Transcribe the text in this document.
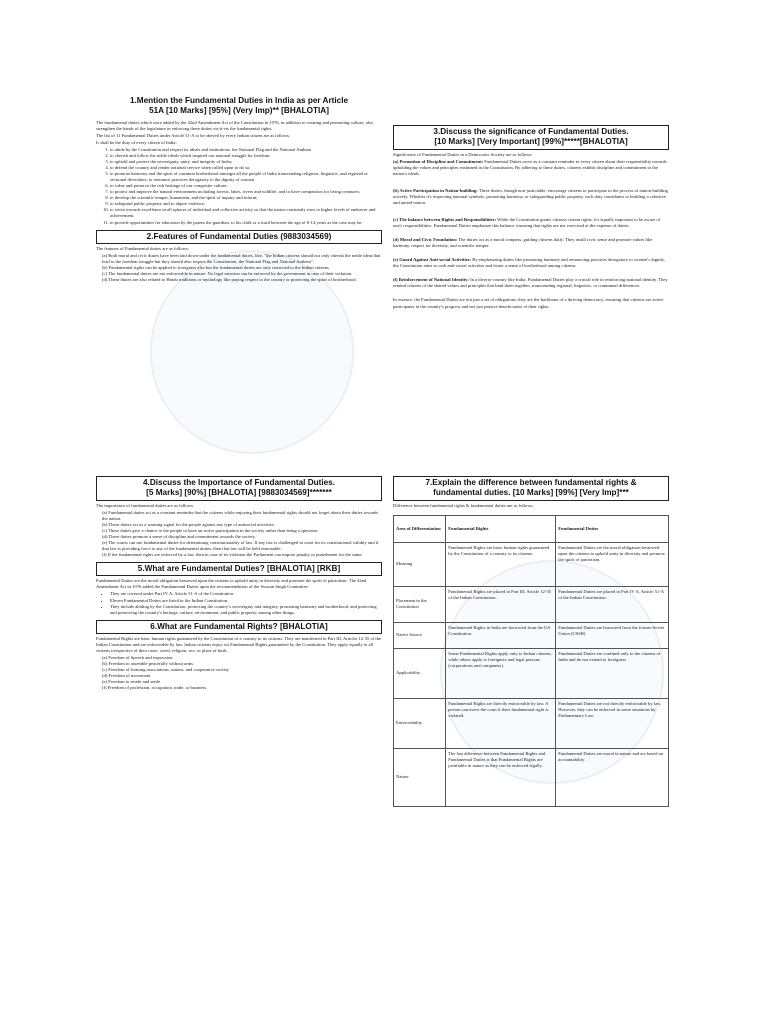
1.Mention the Fundamental Duties in India as per Article
51A [10 Marks] [95%] (Very Imp)** [BHALOTIA]

The fundamental duties which were added by the 42nd Amendment Act of the Constitution in 1976, in addition to creating and promoting culture, also strengthen the hands of the legislature in enforcing these duties vis-à-vis the fundamental rights.

The list of 11 Fundamental Duties under Article 51-A to be obeyed by every Indian citizen are as follows:

It shall be the duty of every citizen of India:

1. to abide by the Constitution and respect its ideals and institutions, the National Flag and the National Anthem
2. to cherish and follow the noble ideals which inspired our national struggle for freedom;
3. to uphold and protect the sovereignty, unity, and integrity of India;
4. to defend the country and render national service when called upon to do so;
5. to promote harmony and the spirit of common brotherhood amongst all the people of India transcending religious, linguistic, and regional or sectional diversities; to renounce practices derogatory to the dignity of women
6. to value and preserve the rich heritage of our composite culture;
7. to protect and improve the natural environment including forests, lakes, rivers and wildlife, and to have compassion for living creatures;
8. to develop the scientific temper, humanism, and the spirit of inquiry and reform;
9. to safeguard public property and to abjure violence;
10. to strive towards excellence in all spheres of individual and collective activity so that the nation constantly rises to higher levels of endeavor and achievement.
11. to provide opportunities for education by the parent the guardian, to his child or a ward between the age of 6-14 years as the case may be.
2.Features of Fundamental Duties (9883034569)

The features of Fundamental duties are as follows:

(a) Both moral and civic duties have been laid down under the fundamental duties, like, "the Indian citizens should not only cherish the noble ideas that lead to the freedom struggle but they should also respect the Constitution, the National Flag and National Anthem".
(b) Fundamental rights can be applied to foreigners also but the fundamental duties are only restricted to the Indian citizens.
(c) The fundamental duties are not enforceable in nature. No legal sanction can be enforced by the government in case of their violation.
(d) These duties are also related to Hindu traditions or mythology like paying respect to the country or protecting the spirit of brotherhood.
4.Discuss the Importance of Fundamental Duties.
[5 Marks] [90%] [BHALOTIA] [9883034569]*******

The importance of fundamental duties are as follows:

(a) Fundamental duties act as a constant reminder that the citizens while enjoying their fundamental rights should not forget about their duties towards the nation.
(b) These duties act as a warning signal for the people against any type of antisocial activities.
(c) These duties give a chance to the people to have an active participation in the society rather than being a spectator.
(d) These duties promote a sense of discipline and commitment towards the society.
(e) The courts can use fundamental duties for determining constitutionality of law. If any law is challenged in court for its constitutional validity and if that law is providing force to any of the fundamental duties, then that law will be held reasonable.
(f) If the fundamental rights are enforced by a law, then in case of its violation the Parliament can impose penalty or punishment for the same.
5.What are Fundamental Duties? [BHALOTIA] [RKB]

Fundamental Duties are the moral obligation bestowed upon the citizens to uphold unity in diversity and promote the spirit of patriotism. The 42nd Amendment Act in 1976 added the Fundamental Duties upon the recommendation of the Swaran Singh Committee.

• They are covered under Part IV A, Article 51-A of the Constitution.
• Eleven Fundamental Duties are listed in the Indian Constitution.
• They include abiding by the Constitution, protecting the country's sovereignty and integrity, promoting harmony and brotherhood, and protecting and preserving the country's heritage, culture, environment, and public property, among other things.
6.What are Fundamental Rights? [BHALOTIA]

Fundamental Rights are basic human rights guaranteed by the Constitution of a country to its citizens. They are manifested in Part III, Articles 12-35 of the Indian Constitution and are enforceable by law. Indian citizens enjoy six Fundamental Rights guaranteed by the Constitution. They apply equally to all citizens irrespective of their caste, creed, religion, sex, or place of birth.

(a) Freedom of Speech and expression
(b) Freedom to assemble peacefully without arms
(c) Freedom of forming associations, unions, and cooperative society
(d) Freedom of movement
(e) Freedom to reside and settle
(f) Freedom of profession, occupation, trade, or business.
3.Discuss the significance of Fundamental Duties.
[10 Marks] [Very Important] [99%]*****[BHALOTIA]

Significance of Fundamental Duties in a Democratic Society are as follows:

(a) Promotion of Discipline and Commitment: Fundamental Duties serve as a constant reminder to every citizen about their responsibility towards upholding the values and principles enshrined in the Constitution. By adhering to these duties, citizens exhibit discipline and commitment to the nation's ideals.
(b) Active Participation in Nation-building: These duties, though non-justiciable, encourage citizens to participate in the process of nation-building actively. Whether it's respecting national symbols, promoting harmony, or safeguarding public property, each duty contributes to building a cohesive and united nation.
(c) The balance between Rights and Responsibilities: While the Constitution grants citizens certain rights, it's equally important to be aware of one's responsibilities. Fundamental Duties emphasize this balance, ensuring that rights are not exercised at the expense of duties.
(d) Moral and Civic Foundation: The duties act as a moral compass, guiding citizens daily. They instill civic sense and promote values like harmony, respect for diversity, and scientific temper.
(e) Guard Against Anti-social Activities: By emphasizing duties like promoting harmony and renouncing practices derogatory to women's dignity, the Constitution aims to curb anti-social activities and foster a sense of brotherhood among citizens.
(f) Reinforcement of National Identity: In a diverse country like India, Fundamental Duties play a crucial role in reinforcing national identity. They remind citizens of the shared values and principles that bind them together, transcending regional, linguistic, or communal differences.

In essence, the Fundamental Duties are not just a set of obligations; they are the backbone of a thriving democracy, ensuring that citizens are active participants in the country's progress and not just passive beneficiaries of their rights.

7.Explain the difference between fundamental rights &
fundamental duties. [10 Marks] [99%] [Very Imp]***

Difference between fundamental rights & fundamental duties are as follows:

Area of Differentiation	Fundamental Rights	Fundamental Duties
Meaning	Fundamental Rights are basic human rights guaranteed by the Constitution of a country to its citizens.	Fundamental Duties are the moral obligation bestowed upon the citizens to uphold unity in diversity and promote the spirit of patriotism.
Placement in the Constitution	Fundamental Rights are placed in Part III, Article 12-35 of the Indian Constitution.	Fundamental Duties are placed in Part IV A, Article 51-A of the Indian Constitution.
Native Source	Fundamental Rights in India are borrowed from the US Constitution.	Fundamental Duties are borrowed from the former Soviet Union (USSR)
Applicability	Some Fundamental Rights apply only to Indian citizens, while others apply to foreigners and legal persons (corporations and companies).	Fundamental Duties are confined only to the citizens of India and do not extend to foreigners.
Enforceability	Fundamental Rights are directly enforceable by law. A person can move the court if their fundamental right is violated.	Fundamental Duties are not directly enforceable by law. However, they can be enforced in some situations by Parliamentary Law.
Nature	The last difference between Fundamental Rights and Fundamental Duties is that Fundamental Rights are justifiable in nature as they can be enforced legally.	Fundamental Duties are moral in nature and are based on accountability.
